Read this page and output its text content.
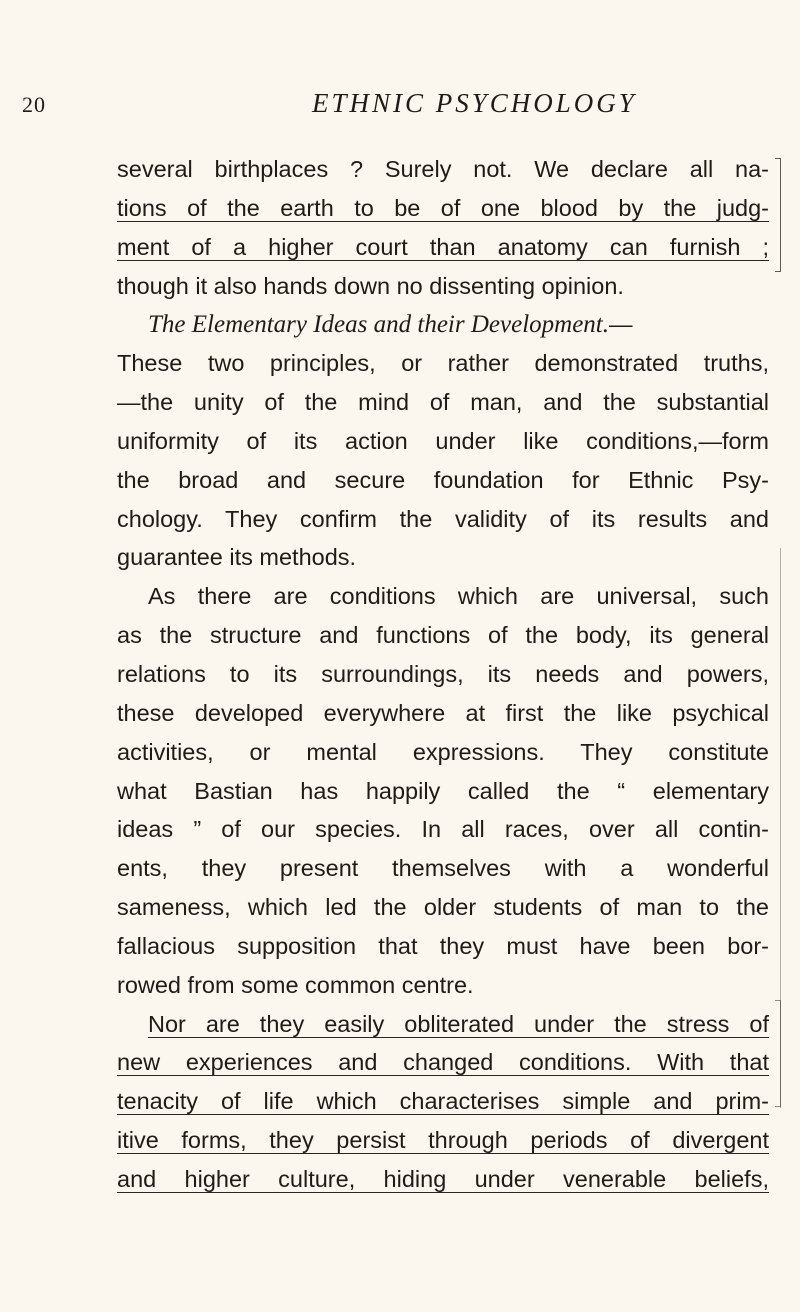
20	ETHNIC PSYCHOLOGY
several birthplaces ? Surely not. We declare all na-
tions of the earth to be of one blood by the judg-
ment of a higher court than anatomy can furnish ;
though it also hands down no dissenting opinion.
The Elementary Ideas and their Development.—
These two principles, or rather demonstrated truths,
—the unity of the mind of man, and the substantial
uniformity of its action under like conditions,—form
the broad and secure foundation for Ethnic Psy-
chology. They confirm the validity of its results and
guarantee its methods.
As there are conditions which are universal, such
as the structure and functions of the body, its general
relations to its surroundings, its needs and powers,
these developed everywhere at first the like psychical
activities, or mental expressions. They constitute
what Bastian has happily called the “ elementary
ideas ” of our species. In all races, over all contin-
ents, they present themselves with a wonderful
sameness, which led the older students of man to the
fallacious supposition that they must have been bor-
rowed from some common centre.
Nor are they easily obliterated under the stress of
new experiences and changed conditions. With that
tenacity of life which characterises simple and prim-
itive forms, they persist through periods of divergent
and higher culture, hiding under venerable beliefs,
